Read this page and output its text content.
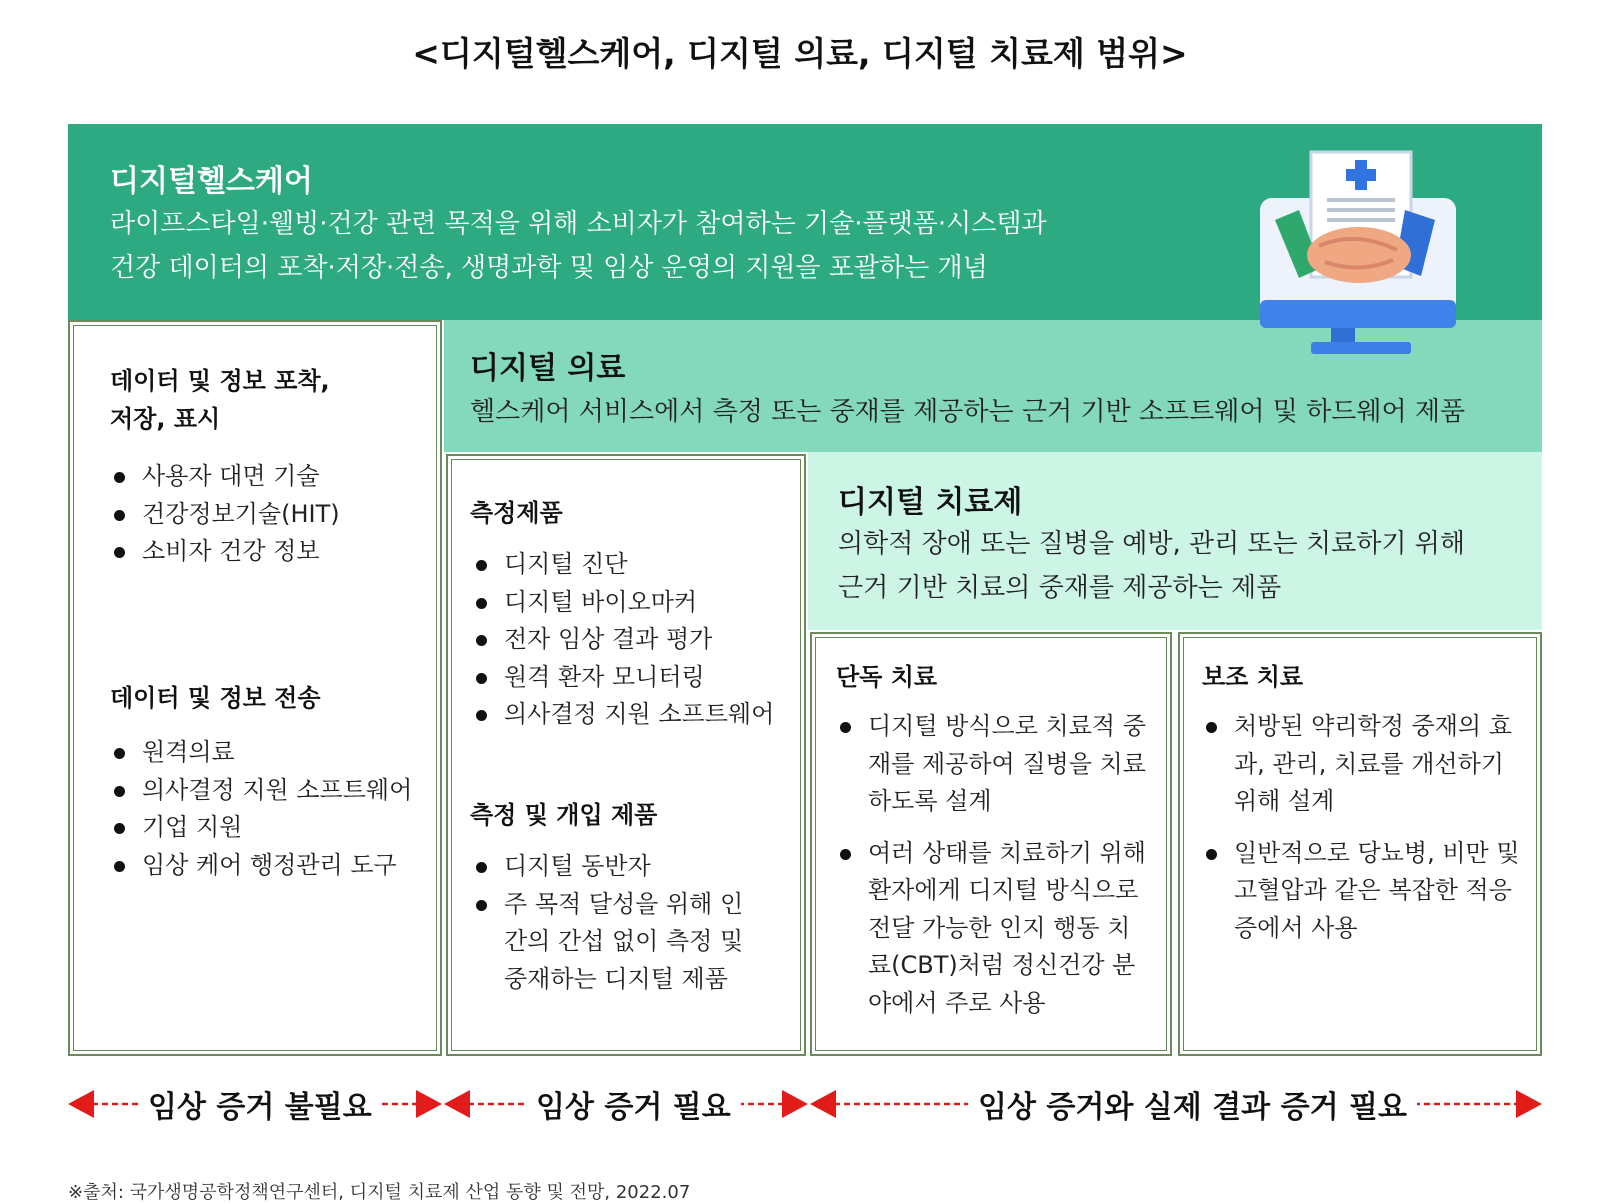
<디지털헬스케어, 디지털 의료, 디지털 치료제 범위>
디지털헬스케어
라이프스타일·웰빙·건강 관련 목적을 위해 소비자가 참여하는 기술·플랫폼·시스템과
건강 데이터의 포착·저장·전송, 생명과학 및 임상 운영의 지원을 포괄하는 개념
디지털 의료
헬스케어 서비스에서 측정 또는 중재를 제공하는 근거 기반 소프트웨어 및 하드웨어 제품
디지털 치료제
의학적 장애 또는 질병을 예방, 관리 또는 치료하기 위해
근거 기반 치료의 중재를 제공하는 제품
데이터 및 정보 포착,
저장, 표시
사용자 대면 기술
건강정보기술(HIT)
소비자 건강 정보
데이터 및 정보 전송
원격의료
의사결정 지원 소프트웨어
기업 지원
임상 케어 행정관리 도구
측정제품
디지털 진단
디지털 바이오마커
전자 임상 결과 평가
원격 환자 모니터링
의사결정 지원 소프트웨어
측정 및 개입 제품
디지털 동반자
주 목적 달성을 위해 인간의 간섭 없이 측정 및 중재하는 디지털 제품
단독 치료
디지털 방식으로 치료적 중재를 제공하여 질병을 치료하도록 설계
여러 상태를 치료하기 위해 환자에게 디지털 방식으로 전달 가능한 인지 행동 치료(CBT)처럼 정신건강 분야에서 주로 사용
보조 치료
처방된 약리학정 중재의 효과, 관리, 치료를 개선하기 위해 설계
일반적으로 당뇨병, 비만 및 고혈압과 같은 복잡한 적응증에서 사용
임상 증거 불필요	임상 증거 필요	임상 증거와 실제 결과 증거 필요
※출처: 국가생명공학정책연구센터, 디지털 치료제 산업 동향 및 전망, 2022.07
